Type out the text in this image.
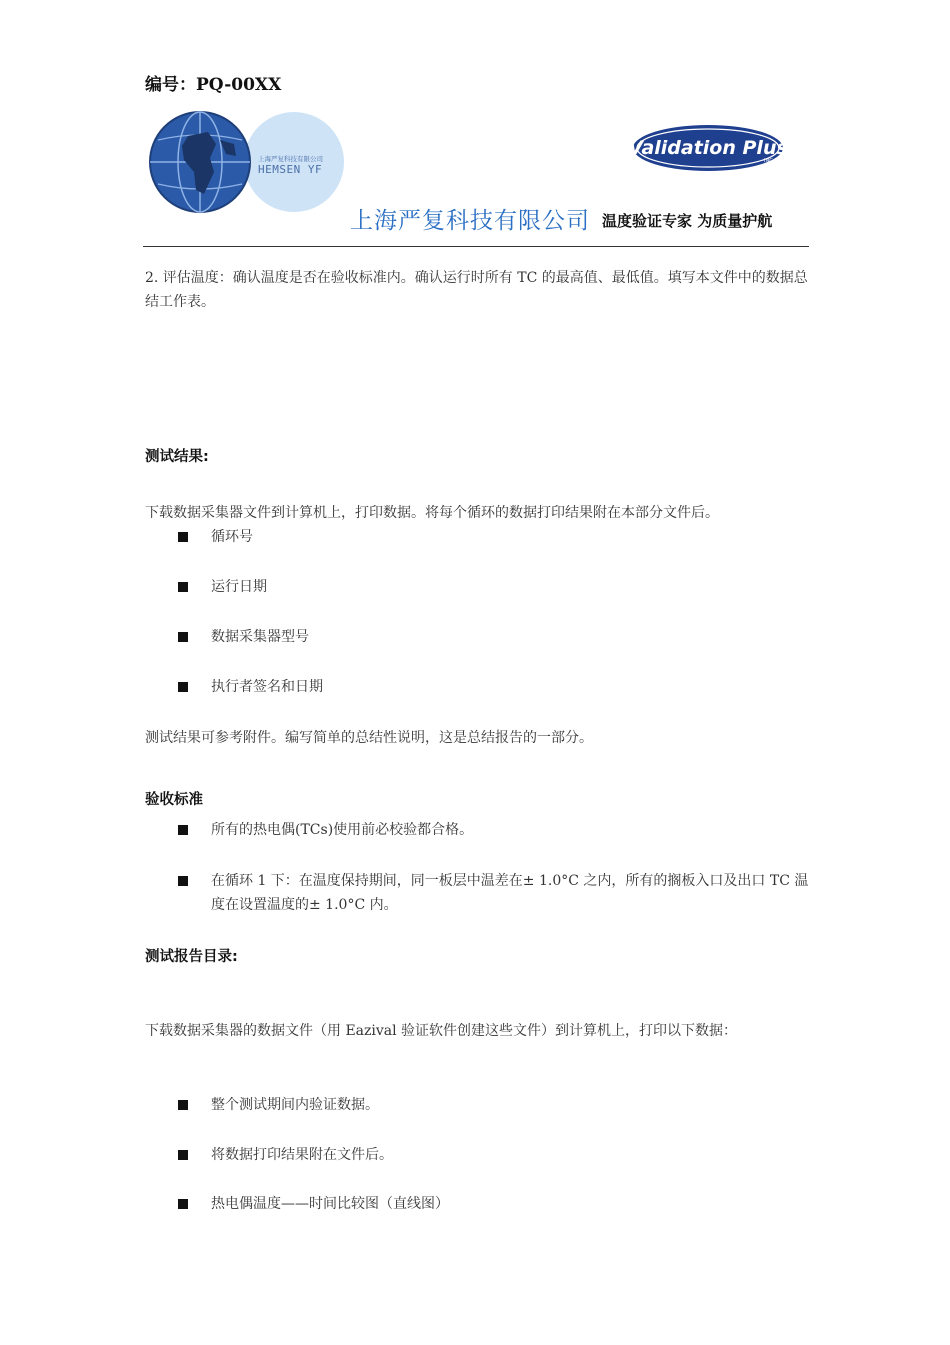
编号：PQ-00XX
上海严复科技有限公司
HEMSEN YF
Validation Plus
INC
上海严复科技有限公司 温度验证专家 为质量护航
2. 评估温度：确认温度是否在验收标准内。确认运行时所有 TC 的最高值、最低值。填写本文件中的数据总结工作表。
测试结果:
下载数据采集器文件到计算机上，打印数据。将每个循环的数据打印结果附在本部分文件后。
循环号
运行日期
数据采集器型号
执行者签名和日期
测试结果可参考附件。编写简单的总结性说明，这是总结报告的一部分。
验收标准
所有的热电偶(TCs)使用前必校验都合格。
在循环 1 下：在温度保持期间，同一板层中温差在± 1.0°C 之内，所有的搁板入口及出口 TC 温度在设置温度的± 1.0°C 内。
测试报告目录:
下载数据采集器的数据文件（用 Eazival 验证软件创建这些文件）到计算机上，打印以下数据：
整个测试期间内验证数据。
将数据打印结果附在文件后。
热电偶温度——时间比较图（直线图）
